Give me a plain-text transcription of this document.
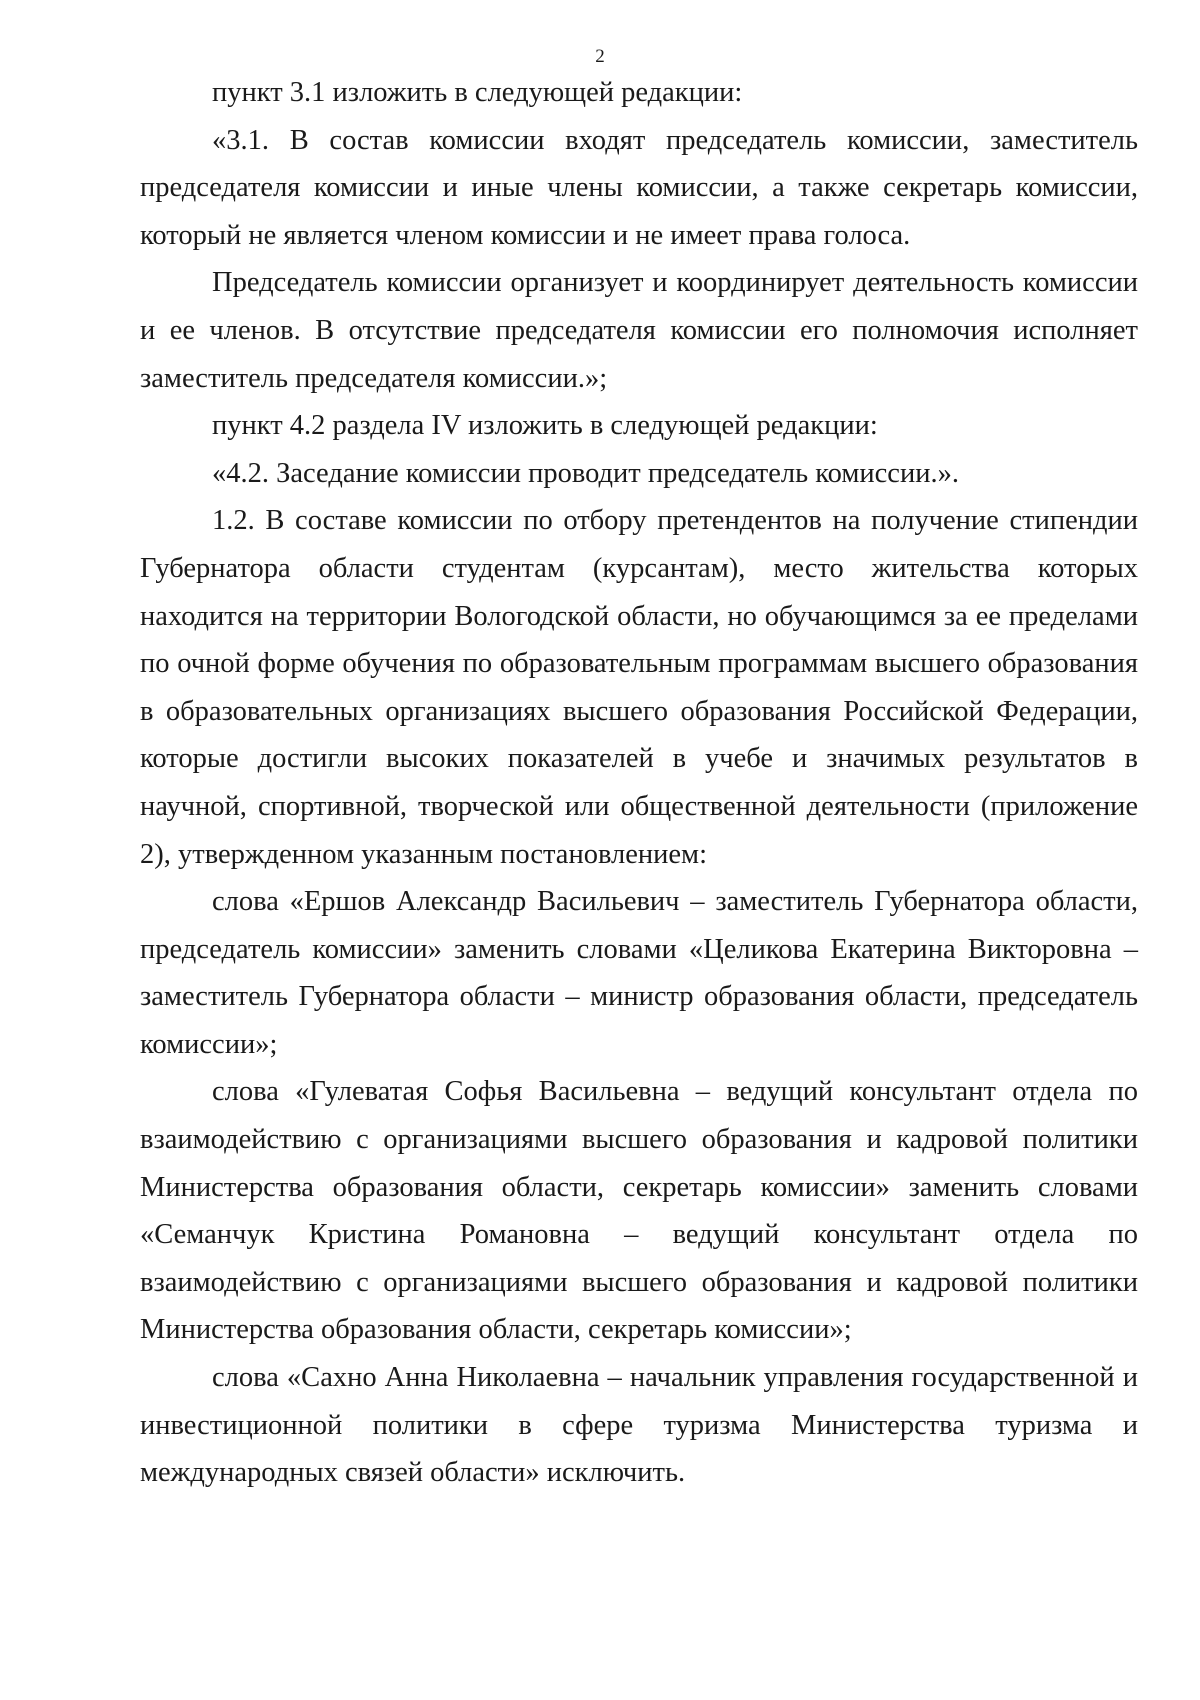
2

пункт 3.1 изложить в следующей редакции:

«3.1. В состав комиссии входят председатель комиссии, заместитель председателя комиссии и иные члены комиссии, а также секретарь комиссии, который не является членом комиссии и не имеет права голоса.

Председатель комиссии организует и координирует деятельность комиссии и ее членов. В отсутствие председателя комиссии его полномочия исполняет заместитель председателя комиссии.»;

пункт 4.2 раздела IV изложить в следующей редакции:

«4.2. Заседание комиссии проводит председатель комиссии.».

1.2. В составе комиссии по отбору претендентов на получение стипендии Губернатора области студентам (курсантам), место жительства которых находится на территории Вологодской области, но обучающимся за ее пределами по очной форме обучения по образовательным программам высшего образования в образовательных организациях высшего образования Российской Федерации, которые достигли высоких показателей в учебе и значимых результатов в научной, спортивной, творческой или общественной деятельности (приложение 2), утвержденном указанным постановлением:

слова «Ершов Александр Васильевич – заместитель Губернатора области, председатель комиссии» заменить словами «Целикова Екатерина Викторовна – заместитель Губернатора области – министр образования области, председатель комиссии»;

слова «Гулеватая Софья Васильевна – ведущий консультант отдела по взаимодействию с организациями высшего образования и кадровой политики Министерства образования области, секретарь комиссии» заменить словами «Семанчук Кристина Романовна – ведущий консультант отдела по взаимодействию с организациями высшего образования и кадровой политики Министерства образования области, секретарь комиссии»;

слова «Сахно Анна Николаевна – начальник управления государственной и инвестиционной политики в сфере туризма Министерства туризма и международных связей области» исключить.
